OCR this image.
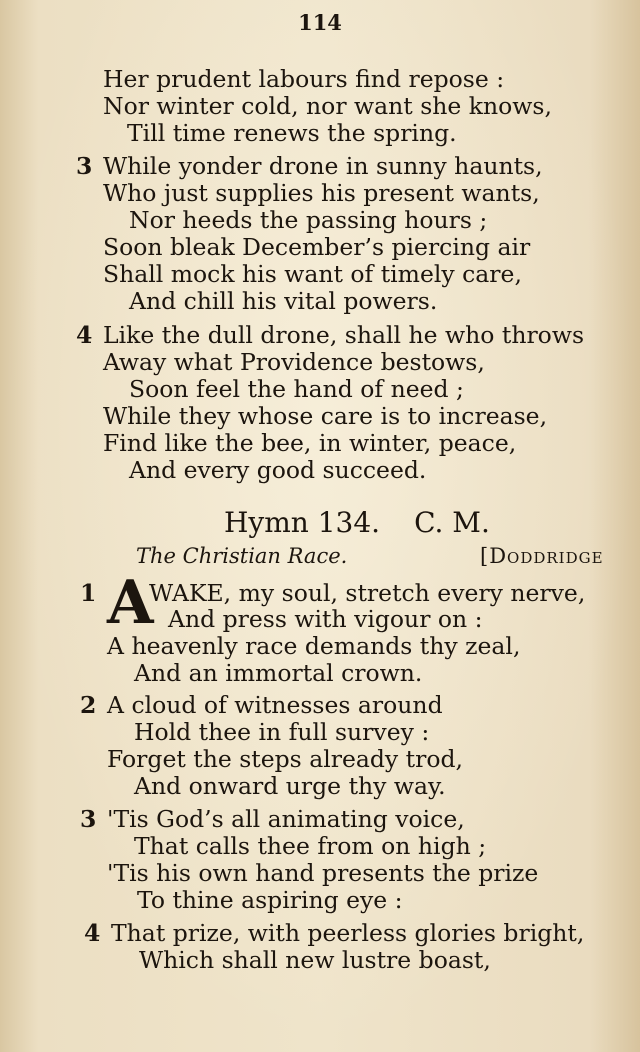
114
Her prudent labours find repose :
Nor winter cold, nor want she knows,
Till time renews the spring.
3 While yonder drone in sunny haunts,
Who just supplies his present wants,
Nor heeds the passing hours ;
Soon bleak December’s piercing air
Shall mock his want of timely care,
And chill his vital powers.
4 Like the dull drone, shall he who throws
Away what Providence bestows,
Soon feel the hand of need ;
While they whose care is to increase,
Find like the bee, in winter, peace,
And every good succeed.
Hymn 134. C. M.
The Christian Race.	[Doddridge
1 A
WAKE, my soul, stretch every nerve,
And press with vigour on :
A heavenly race demands thy zeal,
And an immortal crown.
2 A cloud of witnesses around
Hold thee in full survey :
Forget the steps already trod,
And onward urge thy way.
3 'Tis God’s all animating voice,
That calls thee from on high ;
'Tis his own hand presents the prize
To thine aspiring eye :
4 That prize, with peerless glories bright,
Which shall new lustre boast,
